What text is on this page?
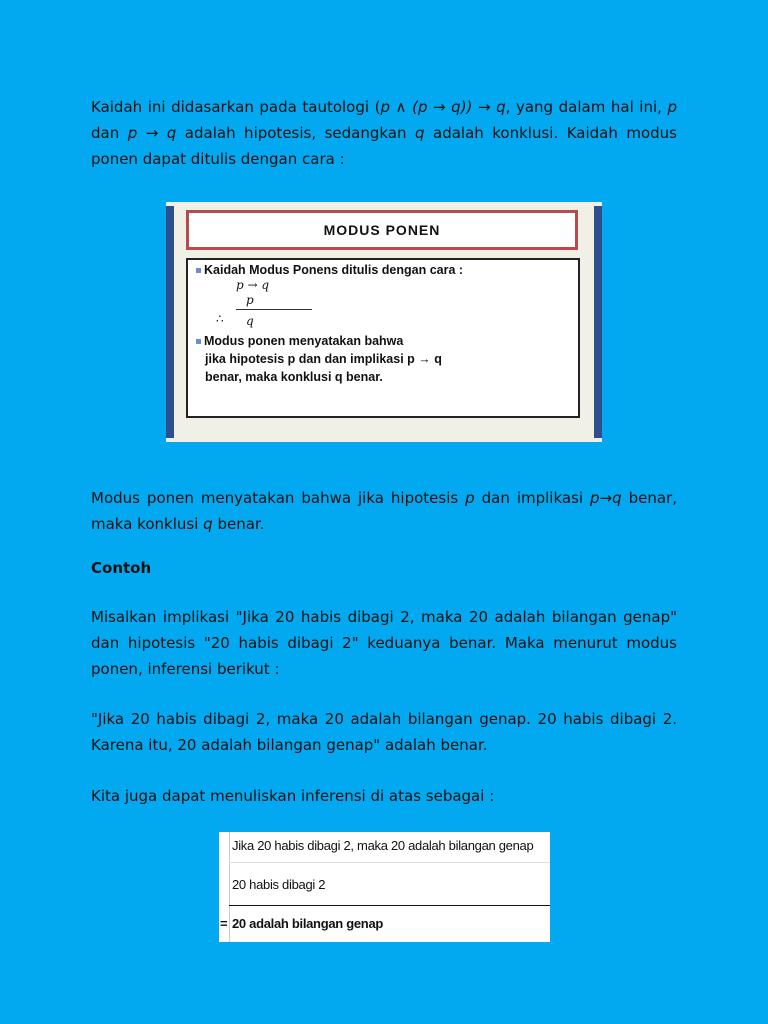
Kaidah ini didasarkan pada tautologi (p ∧ (p → q)) → q, yang dalam hal ini, p dan p → q adalah hipotesis, sedangkan q adalah konklusi. Kaidah modus ponen dapat ditulis dengan cara :
MODUS PONEN
Kaidah Modus Ponens ditulis dengan cara :
p → q
p
∴ q
Modus ponen menyatakan bahwa
jika hipotesis p dan dan implikasi p → q
benar, maka konklusi q benar.
Modus ponen menyatakan bahwa jika hipotesis p dan implikasi p→q benar, maka konklusi q benar.
Contoh
Misalkan implikasi "Jika 20 habis dibagi 2, maka 20 adalah bilangan genap" dan hipotesis "20 habis dibagi 2" keduanya benar. Maka menurut modus ponen, inferensi berikut :
"Jika 20 habis dibagi 2, maka 20 adalah bilangan genap. 20 habis dibagi 2. Karena itu, 20 adalah bilangan genap" adalah benar.
Kita juga dapat menuliskan inferensi di atas sebagai :
Jika 20 habis dibagi 2, maka 20 adalah bilangan genap
20 habis dibagi 2
= 20 adalah bilangan genap
